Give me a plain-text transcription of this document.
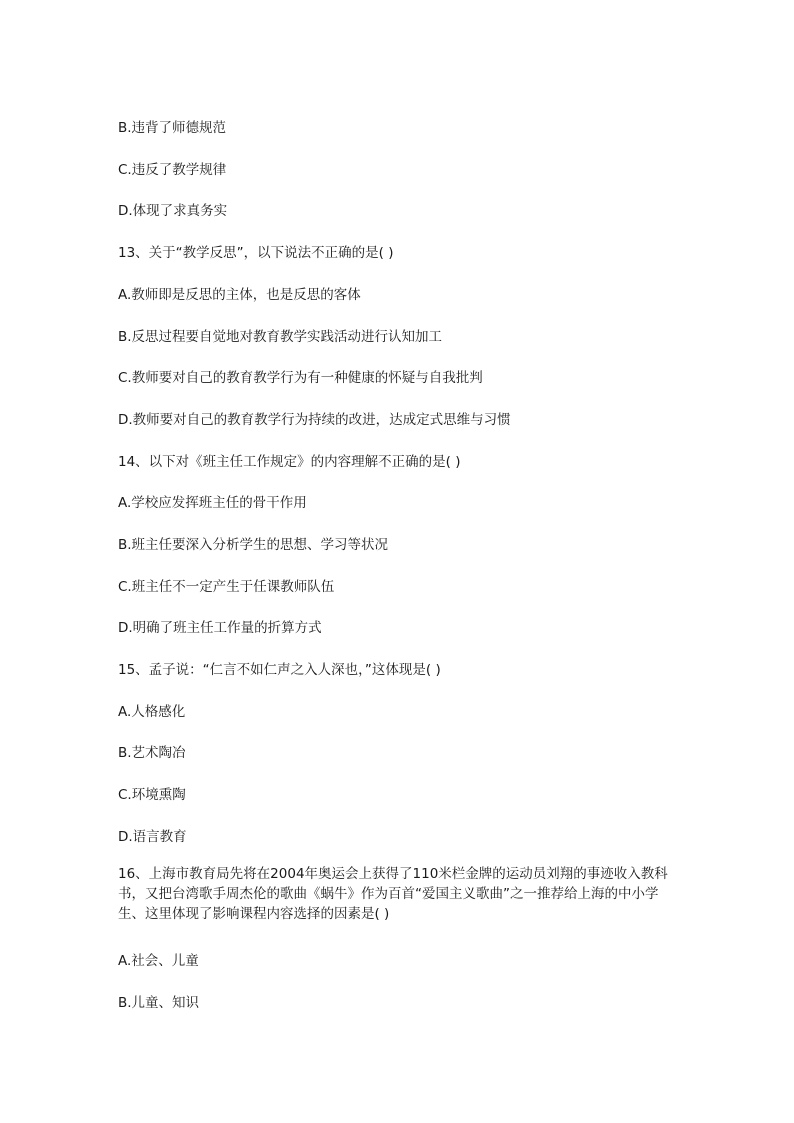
B.违背了师德规范
C.违反了教学规律
D.体现了求真务实
13、关于“教学反思”，以下说法不正确的是( )
A.教师即是反思的主体，也是反思的客体
B.反思过程要自觉地对教育教学实践活动进行认知加工
C.教师要对自己的教育教学行为有一种健康的怀疑与自我批判
D.教师要对自己的教育教学行为持续的改进，达成定式思维与习惯
14、以下对《班主任工作规定》的内容理解不正确的是( )
A.学校应发挥班主任的骨干作用
B.班主任要深入分析学生的思想、学习等状况
C.班主任不一定产生于任课教师队伍
D.明确了班主任工作量的折算方式
15、孟子说：“仁言不如仁声之入人深也，”这体现是( )
A.人格感化
B.艺术陶冶
C.环境熏陶
D.语言教育
16、上海市教育局先将在2004年奥运会上获得了110米栏金牌的运动员刘翔的事迹收入教科书，又把台湾歌手周杰伦的歌曲《蜗牛》作为百首“爱国主义歌曲”之一推荐给上海的中小学生、这里体现了影响课程内容选择的因素是( )
A.社会、儿童
B.儿童、知识
